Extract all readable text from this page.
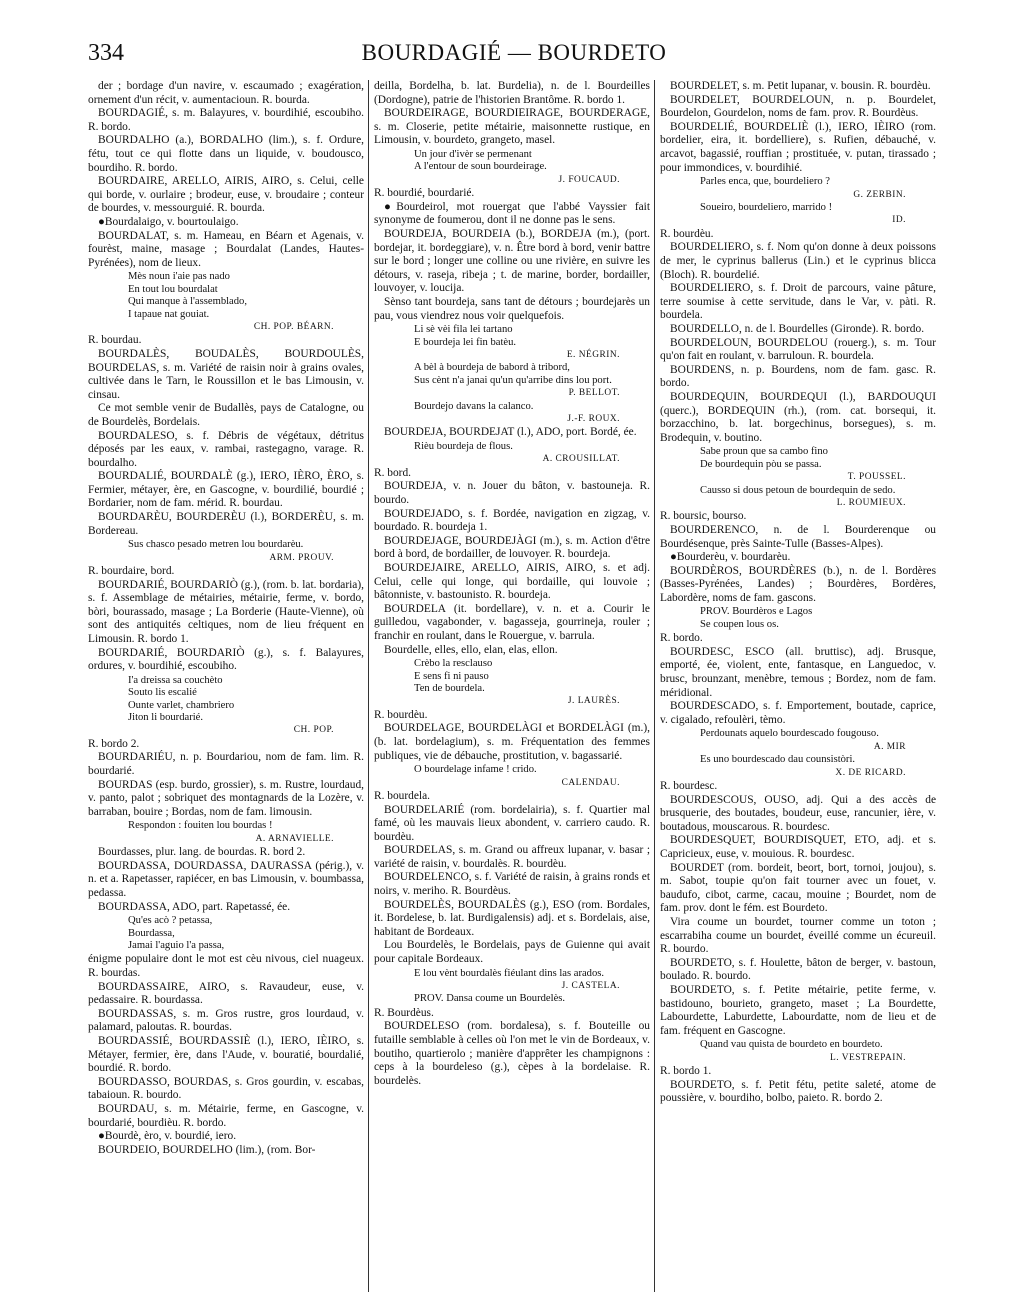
334	BOURDAGIÉ — BOURDETO
der ; bordage d'un navire, v. escaumado ; exagération, ornement d'un récit, v. aumentacioun. R. bourda.
BOURDAGIÉ, s. m. Balayures, v. bourdihié, escoubiho. R. bordo.
BOURDALHO (a.), BORDALHO (lim.), s. f. Ordure, fétu, tout ce qui flotte dans un liquide, v. boudousco, bourdiho. R. bordo.
BOURDAIRE, ARELLO, AIRIS, AIRO, s. Celui, celle qui borde, v. ourlaire ; brodeur, euse, v. broudaire ; conteur de bourdes, v. messourguié. R. bourda.
●Bourdalaigo, v. bourtoulaigo.
BOURDALAT, s. m. Hameau, en Béarn et Agenais, v. fourèst, maine, masage ; Bourdalat (Landes, Hautes-Pyrénées), nom de lieux.
Mès noun i'aie pas nado
En tout lou bourdalat
Qui manque à l'assemblado,
I tapaue nat gouiat.
CH. POP. BÉARN.
R. bourdau.
BOURDALÈS, BOUDALÈS, BOURDOULÈS, BOURDELAS, s. m. Variété de raisin noir à grains ovales, cultivée dans le Tarn, le Roussillon et le bas Limousin, v. cinsau.
Ce mot semble venir de Budallès, pays de Catalogne, ou de Bourdelès, Bordelais.
BOURDALESO, s. f. Débris de végétaux, détritus déposés par les eaux, v. rambai, rastegagno, varage. R. bourdalho.
BOURDALIÉ, BOURDALÈ (g.), IERO, IÈRO, ÈRO, s. Fermier, métayer, ère, en Gascogne, v. bourdilié, bourdié ; Bordarier, nom de fam. mérid. R. bourdau.
BOURDARÈU, BOURDERÈU (l.), BORDERÈU, s. m. Bordereau.
Sus chasco pesado metren lou bourdarèu.
ARM. PROUV.
R. bourdaire, bord.
BOURDARIÉ, BOURDARIÒ (g.), (rom. b. lat. bordaria), s. f. Assemblage de métairies, métairie, ferme, v. bordo, bòri, bourassado, masage ; La Borderie (Haute-Vienne), où sont des antiquités celtiques, nom de lieu fréquent en Limousin. R. bordo 1.
BOURDARIÉ, BOURDARIÒ (g.), s. f. Balayures, ordures, v. bourdihié, escoubiho.
I'a dreissa sa couchèto
Souto lis escalié
Ounte varlet, chambriero
Jiton li bourdarié.
CH. POP.
R. bordo 2.
BOURDARIÉU, n. p. Bourdariou, nom de fam. lim. R. bourdarié.
BOURDAS (esp. burdo, grossier), s. m. Rustre, lourdaud, v. panto, palot ; sobriquet des montagnards de la Lozère, v. barraban, bouire ; Bordas, nom de fam. limousin.
Respondon : fouiten lou bourdas !
A. ARNAVIELLE.
Bourdasses, plur. lang. de bourdas. R. bord 2.
BOURDASSA, DOURDASSA, DAURASSA (périg.), v. n. et a. Rapetasser, rapiécer, en bas Limousin, v. boumbassa, pedassa.
BOURDASSA, ADO, part. Rapetassé, ée.
Qu'es acò ? petassa,
Bourdassa,
Jamai l'aguio l'a passa,
énigme populaire dont le mot est cèu nivous, ciel nuageux. R. bourdas.
BOURDASSAIRE, AIRO, s. Ravaudeur, euse, v. pedassaire. R. bourdassa.
BOURDASSAS, s. m. Gros rustre, gros lourdaud, v. palamard, paloutas. R. bourdas.
BOURDASSIÉ, BOURDASSIÈ (l.), IERO, IÈIRO, s. Métayer, fermier, ère, dans l'Aude, v. bouratié, bourdalié, bourdié. R. bordo.
BOURDASSO, BOURDAS, s. Gros gourdin, v. escabas, tabaioun. R. bourdo.
BOURDAU, s. m. Métairie, ferme, en Gascogne, v. bourdarié, bourdièu. R. bordo.
●Bourdè, èro, v. bourdié, iero.
BOURDEIO, BOURDELHO (lim.), (rom. Bor-
deilla, Bordelha, b. lat. Burdelia), n. de l. Bourdeilles (Dordogne), patrie de l'historien Brantôme. R. bordo 1.
BOURDEIRAGE, BOURDIEIRAGE, BOURDERAGE, s. m. Closerie, petite métairie, maisonnette rustique, en Limousin, v. bourdeto, grangeto, masel.
Un jour d'ivèr se permenant
A l'entour de soun bourdeirage.
J. FOUCAUD.
R. bourdié, bourdarié.
●Bourdeirol, mot rouergat que l'abbé Vayssier fait synonyme de foumerou, dont il ne donne pas le sens.
BOURDEJA, BOURDEIA (b.), BORDEJA (m.), (port. bordejar, it. bordeggiare), v. n. Être bord à bord, venir battre sur le bord ; longer une colline ou une rivière, en suivre les détours, v. raseja, ribeja ; t. de marine, border, bordailler, louvoyer, v. loucija.
Sènso tant bourdeja, sans tant de détours ; bourdejarès un pau, vous viendrez nous voir quelquefois.
Li sè vèi fila lei tartano
E bourdeja lei fin batèu.
E. NÉGRIN.
A bèl à bourdeja de babord à tribord,
Sus cènt n'a janai qu'un qu'arribe dins lou port.
P. BELLOT.
Bourdejo davans la calanco.
J.-F. ROUX.
BOURDEJA, BOURDEJAT (l.), ADO, port. Bordé, ée.
Rièu bourdeja de flous.
A. CROUSILLAT.
R. bord.
BOURDEJA, v. n. Jouer du bâton, v. bastouneja. R. bourdo.
BOURDEJADO, s. f. Bordée, navigation en zigzag, v. bourdado. R. bourdeja 1.
BOURDEJAGE, BOURDEJÀGI (m.), s. m. Action d'être bord à bord, de bordailler, de louvoyer. R. bourdeja.
BOURDEJAIRE, ARELLO, AIRIS, AIRO, s. et adj. Celui, celle qui longe, qui bordaille, qui louvoie ; bâtonniste, v. bastounisto. R. bourdeja.
BOURDELA (it. bordellare), v. n. et a. Courir le guilledou, vagabonder, v. bagasseja, gourrineja, rouler ; franchir en roulant, dans le Rouergue, v. barrula.
Bourdelle, elles, ello, elan, elas, ellon.
Crèbo la resclauso
E sens fi ni pauso
Ten de bourdela.
J. LAURÈS.
R. bourdèu.
BOURDELAGE, BOURDELÀGI et BORDELÀGI (m.), (b. lat. bordelagium), s. m. Fréquentation des femmes publiques, vie de débauche, prostitution, v. bagassarié.
O bourdelage infame ! crido.
CALENDAU.
R. bourdela.
BOURDELARIÉ (rom. bordelairia), s. f. Quartier mal famé, où les mauvais lieux abondent, v. carriero caudo. R. bourdèu.
BOURDELAS, s. m. Grand ou affreux lupanar, v. basar ; variété de raisin, v. bourdalès. R. bourdèu.
BOURDELENCO, s. f. Variété de raisin, à grains ronds et noirs, v. meriho. R. Bourdèus.
BOURDELÈS, BOURDALÈS (g.), ESO (rom. Bordales, it. Bordelese, b. lat. Burdigalensis) adj. et s. Bordelais, aise, habitant de Bordeaux.
Lou Bourdelès, le Bordelais, pays de Guienne qui avait pour capitale Bordeaux.
E lou vènt bourdalès fiéulant dins las arados.
J. CASTELA.
PROV. Dansa coume un Bourdelès.
R. Bourdèus.
BOURDELESO (rom. bordalesa), s. f. Bouteille ou futaille semblable à celles où l'on met le vin de Bordeaux, v. boutiho, quartierolo ; manière d'apprêter les champignons : ceps à la bourdeleso (g.), cèpes à la bordelaise. R. bourdelès.
BOURDELET, s. m. Petit lupanar, v. bousin. R. bourdèu.
BOURDELET, BOURDELOUN, n. p. Bourdelet, Bourdelon, Gourdelon, noms de fam. prov. R. Bourdèus.
BOURDELIÉ, BOURDELIÈ (l.), IERO, IÈIRO (rom. bordelier, eira, it. bordelliere), s. Rufien, débauché, v. arcavot, bagassié, rouffian ; prostituée, v. putan, tirassado ; pour immondices, v. bourdihié.
Parles enca, que, bourdeliero ?
G. ZERBIN.
Soueiro, bourdeliero, marrido !
ID.
R. bourdèu.
BOURDELIERO, s. f. Nom qu'on donne à deux poissons de mer, le cyprinus ballerus (Lin.) et le cyprinus blicca (Bloch). R. bourdelié.
BOURDELIERO, s. f. Droit de parcours, vaine pâture, terre soumise à cette servitude, dans le Var, v. pàti. R. bourdela.
BOURDELLO, n. de l. Bourdelles (Gironde). R. bordo.
BOURDELOUN, BOURDELOU (rouerg.), s. m. Tour qu'on fait en roulant, v. barruloun. R. bourdela.
BOURDENS, n. p. Bourdens, nom de fam. gasc. R. bordo.
BOURDEQUIN, BOURDEQUI (l.), BARDOUQUI (querc.), BORDEQUIN (rh.), (rom. cat. borsequi, it. borzacchino, b. lat. borgechinus, borsegues), s. m. Brodequin, v. boutino.
Sabe proun que sa cambo fino
De bourdequin pòu se passa.
T. POUSSEL.
Causso si dous petoun de bourdequin de sedo.
L. ROUMIEUX.
R. boursic, bourso.
BOURDERENCO, n. de l. Bourderenque ou Bourdésenque, près Sainte-Tulle (Basses-Alpes).
●Bourderèu, v. bourdarèu.
BOURDÈROS, BOURDÈRES (b.), n. de l. Bordères (Basses-Pyrénées, Landes) ; Bourdères, Bordères, Labordère, noms de fam. gascons.
PROV. Bourdèros e Lagos
Se coupen lous os.
R. bordo.
BOURDESC, ESCO (all. bruttisc), adj. Brusque, emporté, ée, violent, ente, fantasque, en Languedoc, v. brusc, brounzant, menèbre, temous ; Bordez, nom de fam. méridional.
BOURDESCADO, s. f. Emportement, boutade, caprice, v. cigalado, refoulèri, tèmo.
Perdounats aquelo bourdescado fougouso.
A. MIR
Es uno bourdescado dau counsistòri.
X. DE RICARD.
R. bourdesc.
BOURDESCOUS, OUSO, adj. Qui a des accès de brusquerie, des boutades, boudeur, euse, rancunier, ière, v. boutadous, mouscarous. R. bourdesc.
BOURDESQUET, BOURDISQUET, ETO, adj. et s. Capricieux, euse, v. mouious. R. bourdesc.
BOURDET (rom. bordeit, beort, bort, tornoi, joujou), s. m. Sabot, toupie qu'on fait tourner avec un fouet, v. baudufo, cibot, carme, cacau, mouine ; Bourdet, nom de fam. prov. dont le fém. est Bourdeto.
Vira coume un bourdet, tourner comme un toton ; escarrabiha coume un bourdet, éveillé comme un écureuil. R. bourdo.
BOURDETO, s. f. Houlette, bâton de berger, v. bastoun, boulado. R. bourdo.
BOURDETO, s. f. Petite métairie, petite ferme, v. bastidouno, bourieto, grangeto, maset ; La Bourdette, Labourdette, Laburdette, Labourdatte, nom de lieu et de fam. fréquent en Gascogne.
Quand vau quista de bourdeto en bourdeto.
L. VESTREPAIN.
R. bordo 1.
BOURDETO, s. f. Petit fétu, petite saleté, atome de poussière, v. bourdiho, bolbo, paieto. R. bordo 2.
